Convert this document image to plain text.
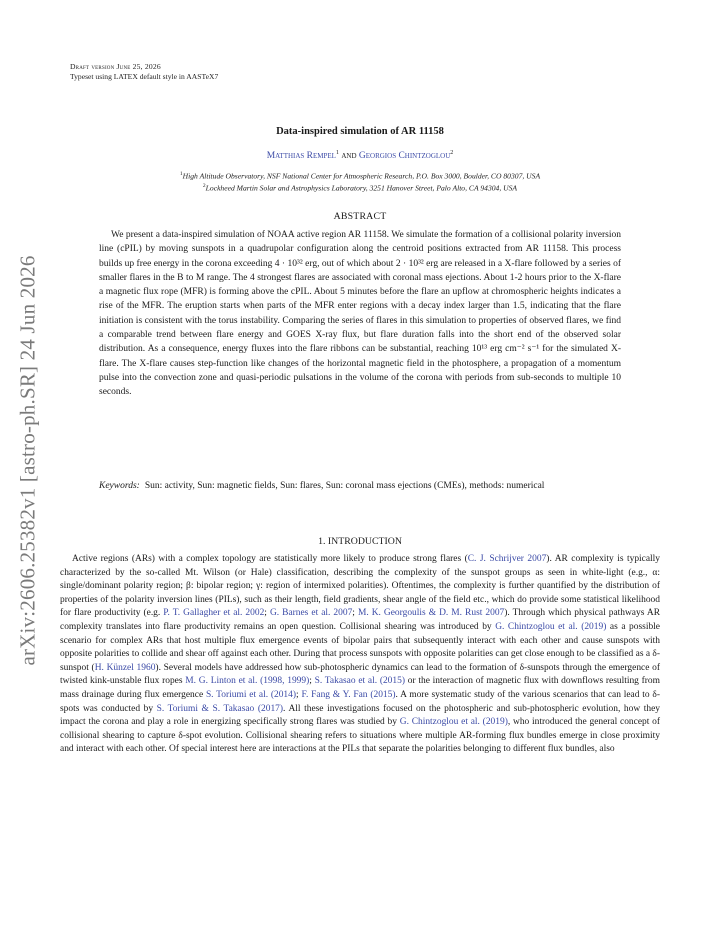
arXiv:2606.25382v1 [astro-ph.SR] 24 Jun 2026
Draft version June 25, 2026
Typeset using LATEX default style in AASTeX7
Data-inspired simulation of AR 11158
Matthias Rempel$^1$ and Georgios Chintzoglou$^2$
$^1$High Altitude Observatory, NSF National Center for Atmospheric Research, P.O. Box 3000, Boulder, CO 80307, USA
$^2$Lockheed Martin Solar and Astrophysics Laboratory, 3251 Hanover Street, Palo Alto, CA 94304, USA
ABSTRACT
We present a data-inspired simulation of NOAA active region AR 11158. We simulate the formation of a collisional polarity inversion line (cPIL) by moving sunspots in a quadrupolar configuration along the centroid positions extracted from AR 11158. This process builds up free energy in the corona exceeding 4 · 10³² erg, out of which about 2 · 10³² erg are released in a X-flare followed by a series of smaller flares in the B to M range. The 4 strongest flares are associated with coronal mass ejections. About 1-2 hours prior to the X-flare a magnetic flux rope (MFR) is forming above the cPIL. About 5 minutes before the flare an upflow at chromospheric heights indicates a rise of the MFR. The eruption starts when parts of the MFR enter regions with a decay index larger than 1.5, indicating that the flare initiation is consistent with the torus instability. Comparing the series of flares in this simulation to properties of observed flares, we find a comparable trend between flare energy and GOES X-ray flux, but flare duration falls into the short end of the observed solar distribution. As a consequence, energy fluxes into the flare ribbons can be substantial, reaching 10¹³ erg cm⁻² s⁻¹ for the simulated X-flare. The X-flare causes step-function like changes of the horizontal magnetic field in the photosphere, a propagation of a momentum pulse into the convection zone and quasi-periodic pulsations in the volume of the corona with periods from sub-seconds to multiple 10 seconds.
Keywords: Sun: activity, Sun: magnetic fields, Sun: flares, Sun: coronal mass ejections (CMEs), methods: numerical
1. INTRODUCTION
Active regions (ARs) with a complex topology are statistically more likely to produce strong flares (C. J. Schrijver 2007). AR complexity is typically characterized by the so-called Mt. Wilson (or Hale) classification, describing the complexity of the sunspot groups as seen in white-light (e.g., α: single/dominant polarity region; β: bipolar region; γ: region of intermixed polarities). Oftentimes, the complexity is further quantified by the distribution of properties of the polarity inversion lines (PILs), such as their length, field gradients, shear angle of the field etc., which do provide some statistical likelihood for flare productivity (e.g. P. T. Gallagher et al. 2002; G. Barnes et al. 2007; M. K. Georgoulis & D. M. Rust 2007). Through which physical pathways AR complexity translates into flare productivity remains an open question. Collisional shearing was introduced by G. Chintzoglou et al. (2019) as a possible scenario for complex ARs that host multiple flux emergence events of bipolar pairs that subsequently interact with each other and cause sunspots with opposite polarities to collide and shear off against each other. During that process sunspots with opposite polarities can get close enough to be classified as a δ-sunspot (H. Künzel 1960). Several models have addressed how sub-photospheric dynamics can lead to the formation of δ-sunspots through the emergence of twisted kink-unstable flux ropes M. G. Linton et al. (1998, 1999); S. Takasao et al. (2015) or the interaction of magnetic flux with downflows resulting from mass drainage during flux emergence S. Toriumi et al. (2014); F. Fang & Y. Fan (2015). A more systematic study of the various scenarios that can lead to δ-spots was conducted by S. Toriumi & S. Takasao (2017). All these investigations focused on the photospheric and sub-photospheric evolution, how they impact the corona and play a role in energizing specifically strong flares was studied by G. Chintzoglou et al. (2019), who introduced the general concept of collisional shearing to capture δ-spot evolution. Collisional shearing refers to situations where multiple AR-forming flux bundles emerge in close proximity and interact with each other. Of special interest here are interactions at the PILs that separate the polarities belonging to different flux bundles, also
